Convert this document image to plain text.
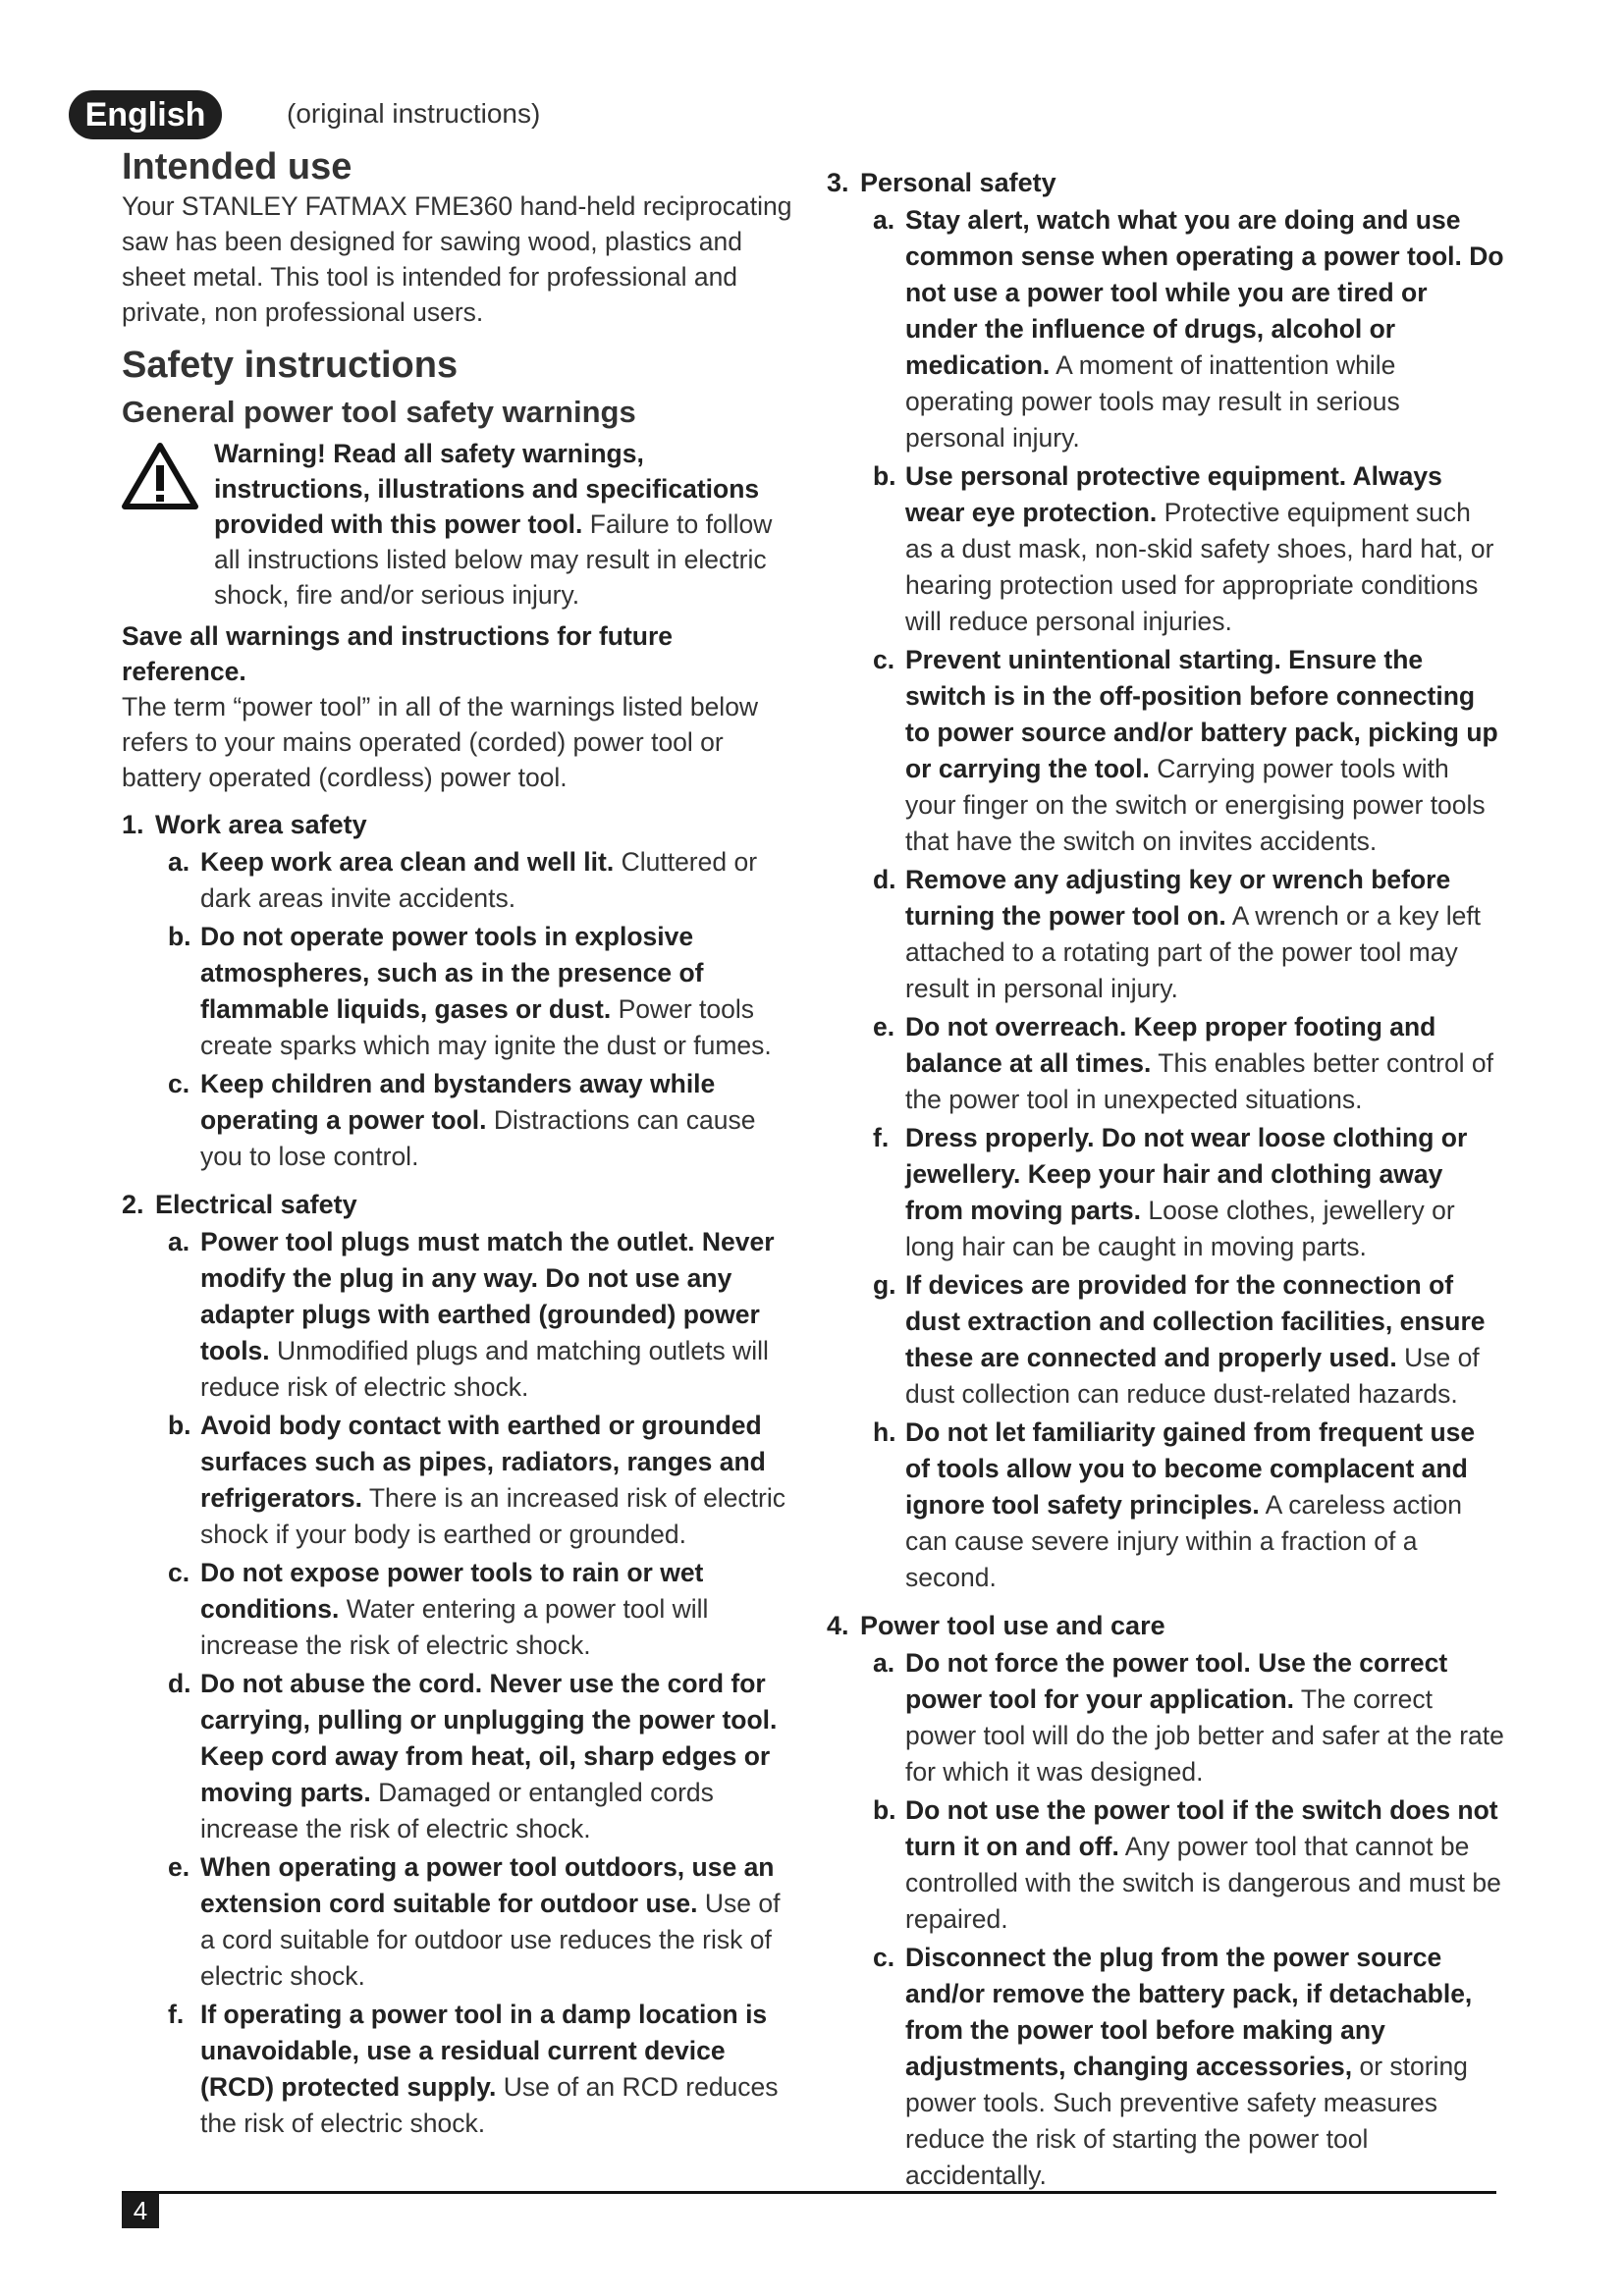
English	(original instructions)

Intended use

Your STANLEY FATMAX FME360 hand-held reciprocating saw has been designed for sawing wood, plastics and sheet metal. This tool is intended for professional and private, non professional users.

Safety instructions

General power tool safety warnings

Warning! Read all safety warnings, instructions, illustrations and specifications provided with this power tool. Failure to follow all instructions listed below may result in electric shock, fire and/or serious injury.

Save all warnings and instructions for future reference.

The term “power tool” in all of the warnings listed below refers to your mains operated (corded) power tool or battery operated (cordless) power tool.

1. Work area safety

a. Keep work area clean and well lit. Cluttered or dark areas invite accidents.
b. Do not operate power tools in explosive atmospheres, such as in the presence of flammable liquids, gases or dust. Power tools create sparks which may ignite the dust or fumes.
c. Keep children and bystanders away while operating a power tool. Distractions can cause you to lose control.

2. Electrical safety

a. Power tool plugs must match the outlet. Never modify the plug in any way. Do not use any adapter plugs with earthed (grounded) power tools. Unmodified plugs and matching outlets will reduce risk of electric shock.
b. Avoid body contact with earthed or grounded surfaces such as pipes, radiators, ranges and refrigerators. There is an increased risk of electric shock if your body is earthed or grounded.
c. Do not expose power tools to rain or wet conditions. Water entering a power tool will increase the risk of electric shock.
d. Do not abuse the cord. Never use the cord for carrying, pulling or unplugging the power tool. Keep cord away from heat, oil, sharp edges or moving parts. Damaged or entangled cords increase the risk of electric shock.
e. When operating a power tool outdoors, use an extension cord suitable for outdoor use. Use of a cord suitable for outdoor use reduces the risk of electric shock.
f. If operating a power tool in a damp location is unavoidable, use a residual current device (RCD) protected supply. Use of an RCD reduces the risk of electric shock.

3. Personal safety

a. Stay alert, watch what you are doing and use common sense when operating a power tool. Do not use a power tool while you are tired or under the influence of drugs, alcohol or medication. A moment of inattention while operating power tools may result in serious personal injury.
b. Use personal protective equipment. Always wear eye protection. Protective equipment such as a dust mask, non-skid safety shoes, hard hat, or hearing protection used for appropriate conditions will reduce personal injuries.
c. Prevent unintentional starting. Ensure the switch is in the off-position before connecting to power source and/or battery pack, picking up or carrying the tool. Carrying power tools with your finger on the switch or energising power tools that have the switch on invites accidents.
d. Remove any adjusting key or wrench before turning the power tool on. A wrench or a key left attached to a rotating part of the power tool may result in personal injury.
e. Do not overreach. Keep proper footing and balance at all times. This enables better control of the power tool in unexpected situations.
f. Dress properly. Do not wear loose clothing or jewellery. Keep your hair and clothing away from moving parts. Loose clothes, jewellery or long hair can be caught in moving parts.
g. If devices are provided for the connection of dust extraction and collection facilities, ensure these are connected and properly used. Use of dust collection can reduce dust-related hazards.
h. Do not let familiarity gained from frequent use of tools allow you to become complacent and ignore tool safety principles. A careless action can cause severe injury within a fraction of a second.

4. Power tool use and care

a. Do not force the power tool. Use the correct power tool for your application. The correct power tool will do the job better and safer at the rate for which it was designed.
b. Do not use the power tool if the switch does not turn it on and off. Any power tool that cannot be controlled with the switch is dangerous and must be repaired.
c. Disconnect the plug from the power source and/or remove the battery pack, if detachable, from the power tool before making any adjustments, changing accessories, or storing power tools. Such preventive safety measures reduce the risk of starting the power tool accidentally.
4
